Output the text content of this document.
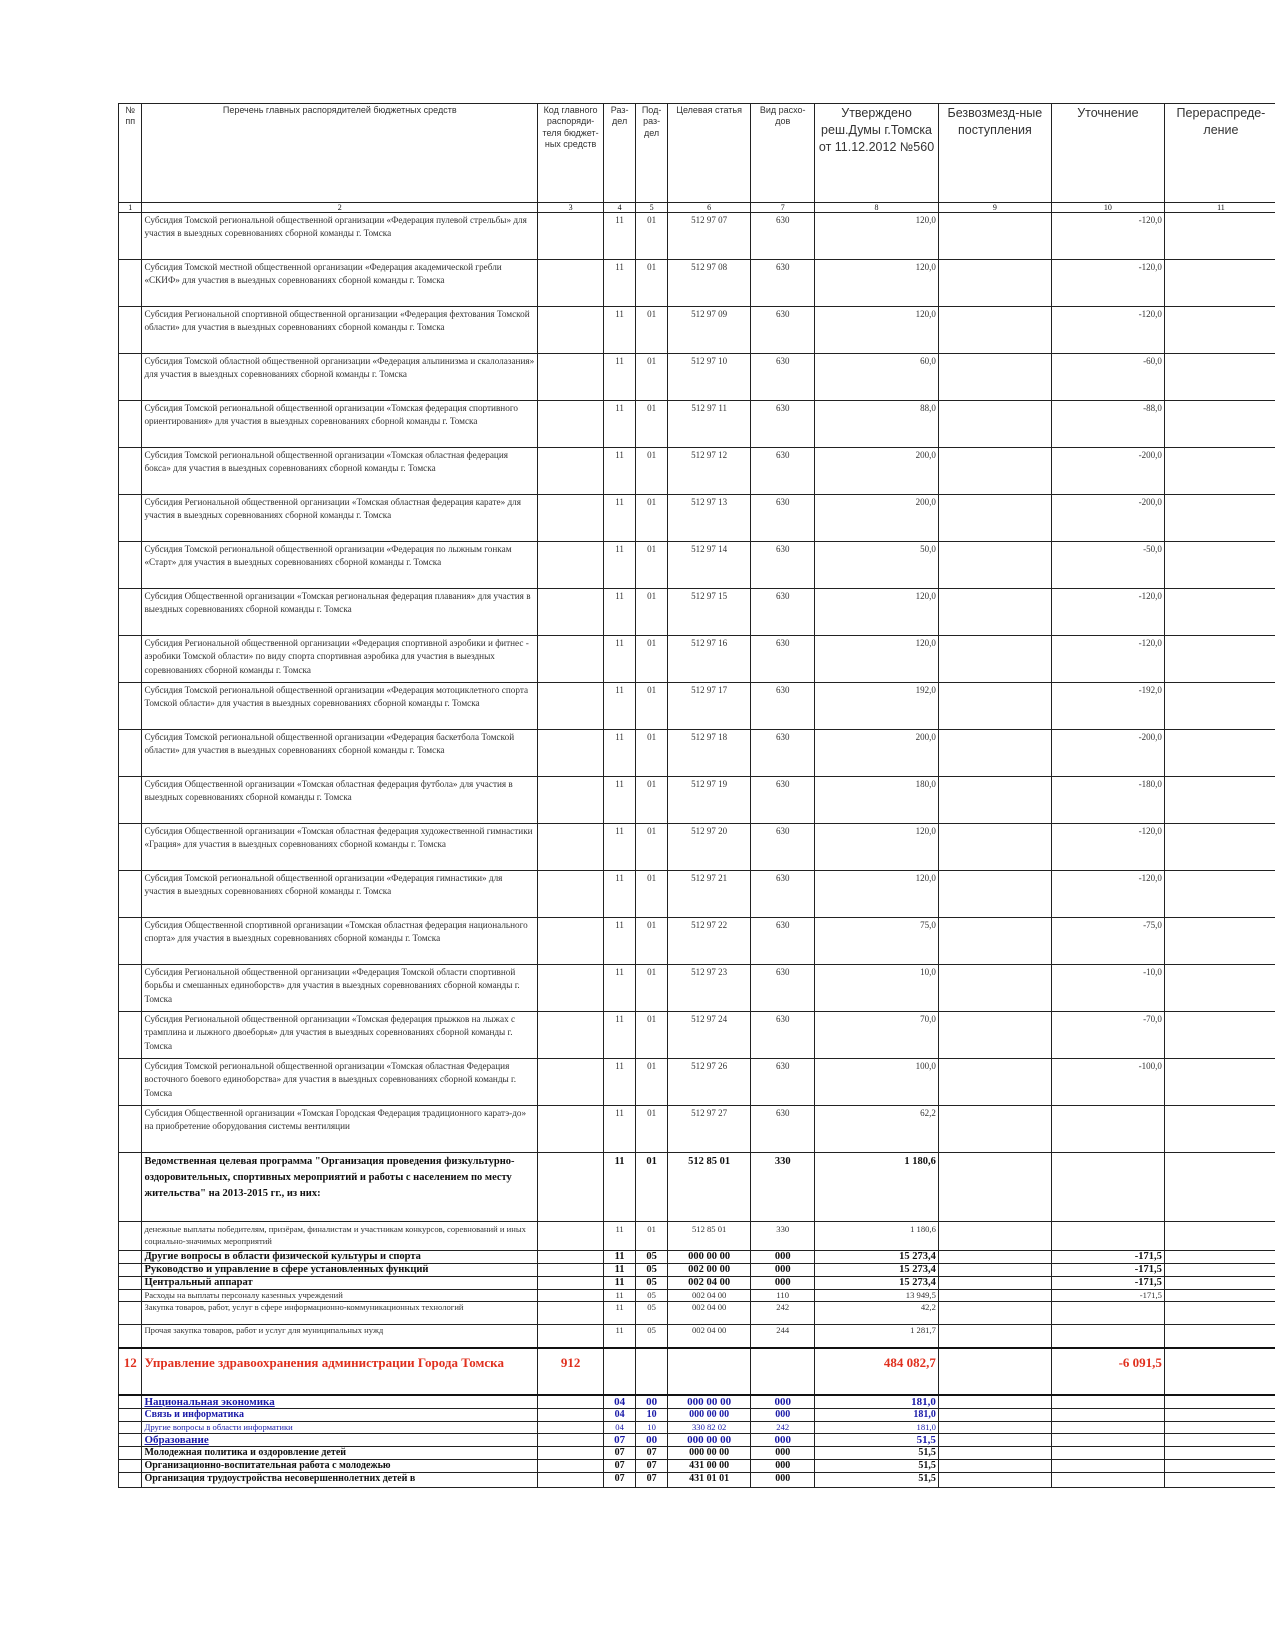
№ пп	Перечень главных распорядителей бюджетных средств	Код главного распоряди-теля бюджет-ных средств	Раз-дел	Под-раз-дел	Целевая статья	Вид расхо-дов	Утверждено реш.Думы г.Томска от 11.12.2012 №560	Безвозмезд-ные поступления	Уточнение	Перераспреде-ление
1	2	3	4	5	6	7	8	9	10	11
	Субсидия Томской региональной общественной организации «Федерация пулевой стрельбы» для участия в выездных соревнованиях сборной команды г. Томска		11	01	512 97 07	630	120,0		-120,0	
	Субсидия Томской местной общественной организации «Федерация академической гребли «СКИФ» для участия в выездных соревнованиях сборной команды г. Томска		11	01	512 97 08	630	120,0		-120,0	
	Субсидия Региональной спортивной общественной организации «Федерация фехтования Томской области» для участия в выездных соревнованиях сборной команды г. Томска		11	01	512 97 09	630	120,0		-120,0	
	Субсидия Томской областной общественной организации «Федерация альпинизма и скалолазания» для участия в выездных соревнованиях сборной команды г. Томска		11	01	512 97 10	630	60,0		-60,0	
	Субсидия Томской региональной общественной организации «Томская федерация спортивного ориентирования» для участия в выездных соревнованиях сборной команды г. Томска		11	01	512 97 11	630	88,0		-88,0	
	Субсидия Томской региональной общественной организации «Томская областная федерация бокса» для участия в выездных соревнованиях сборной команды г. Томска		11	01	512 97 12	630	200,0		-200,0	
	Субсидия Региональной общественной организации «Томская областная федерация карате» для участия в выездных соревнованиях сборной команды г. Томска		11	01	512 97 13	630	200,0		-200,0	
	Субсидия Томской региональной общественной организации «Федерация по лыжным гонкам «Старт» для участия в выездных соревнованиях сборной команды г. Томска		11	01	512 97 14	630	50,0		-50,0	
	Субсидия Общественной организации «Томская региональная федерация плавания» для участия в выездных соревнованиях сборной команды г. Томска		11	01	512 97 15	630	120,0		-120,0	
	Субсидия Региональной общественной организации «Федерация спортивной аэробики и фитнес - аэробики Томской области» по виду спорта спортивная аэробика для участия в выездных соревнованиях сборной команды г. Томска		11	01	512 97 16	630	120,0		-120,0	
	Субсидия Томской региональной общественной организации «Федерация мотоциклетного спорта Томской области» для участия в выездных соревнованиях сборной команды г. Томска		11	01	512 97 17	630	192,0		-192,0	
	Субсидия Томской региональной общественной организации «Федерация баскетбола Томской области» для участия в выездных соревнованиях сборной команды г. Томска		11	01	512 97 18	630	200,0		-200,0	
	Субсидия Общественной организации «Томская областная федерация футбола» для участия в выездных соревнованиях сборной команды г. Томска		11	01	512 97 19	630	180,0		-180,0	
	Субсидия Общественной организации «Томская областная федерация художественной гимнастики «Грация» для участия в выездных соревнованиях сборной команды г. Томска		11	01	512 97 20	630	120,0		-120,0	
	Субсидия Томской региональной общественной организации «Федерация гимнастики» для участия в выездных соревнованиях сборной команды г. Томска		11	01	512 97 21	630	120,0		-120,0	
	Субсидия Общественной спортивной организации «Томская областная федерация национального спорта» для участия в выездных соревнованиях сборной команды г. Томска		11	01	512 97 22	630	75,0		-75,0	
	Субсидия Региональной общественной организации «Федерация Томской области спортивной борьбы и смешанных единоборств» для участия в выездных соревнованиях сборной команды г. Томска		11	01	512 97 23	630	10,0		-10,0	
	Субсидия Региональной общественной организации «Томская федерация прыжков на лыжах с трамплина и лыжного двоеборья» для участия в выездных соревнованиях сборной команды г. Томска		11	01	512 97 24	630	70,0		-70,0	
	Субсидия Томской региональной общественной организации «Томская областная Федерация восточного боевого единоборства» для участия в выездных соревнованиях сборной команды г. Томска		11	01	512 97 26	630	100,0		-100,0	
	Субсидия Общественной организации «Томская Городская Федерация традиционного каратэ-до» на приобретение оборудования системы вентиляции		11	01	512 97 27	630	62,2			
	Ведомственная целевая программа "Организация проведения физкультурно-оздоровительных, спортивных мероприятий и работы с населением по месту жительства" на 2013-2015 гг., из них:		11	01	512 85 01	330	1 180,6			
	денежные выплаты победителям, призёрам, финалистам и участникам конкурсов, соревнований и иных социально-значимых мероприятий		11	01	512 85 01	330	1 180,6			
	Другие вопросы в области физической культуры и спорта		11	05	000 00 00	000	15 273,4		-171,5	
	Руководство и управление в сфере установленных функций		11	05	002 00 00	000	15 273,4		-171,5	
	Центральный аппарат		11	05	002 04 00	000	15 273,4		-171,5	
	Расходы на выплаты персоналу казенных учреждений		11	05	002 04 00	110	13 949,5		-171,5	
	Закупка товаров, работ, услуг в сфере информационно-коммуникационных технологий		11	05	002 04 00	242	42,2			
	Прочая закупка товаров, работ и услуг для муниципальных нужд		11	05	002 04 00	244	1 281,7			
12	Управление здравоохранения администрации Города Томска	912					484 082,7		-6 091,5	
	Национальная экономика		04	00	000 00 00	000	181,0			
	Связь и информатика		04	10	000 00 00	000	181,0			
	Другие вопросы в области информатики		04	10	330 82 02	242	181,0			
	Образование		07	00	000 00 00	000	51,5			
	Молодежная политика и оздоровление детей		07	07	000 00 00	000	51,5			
	Организационно-воспитательная работа с молодежью		07	07	431 00 00	000	51,5			
	Организация трудоустройства несовершеннолетних детей в		07	07	431 01 01	000	51,5			
